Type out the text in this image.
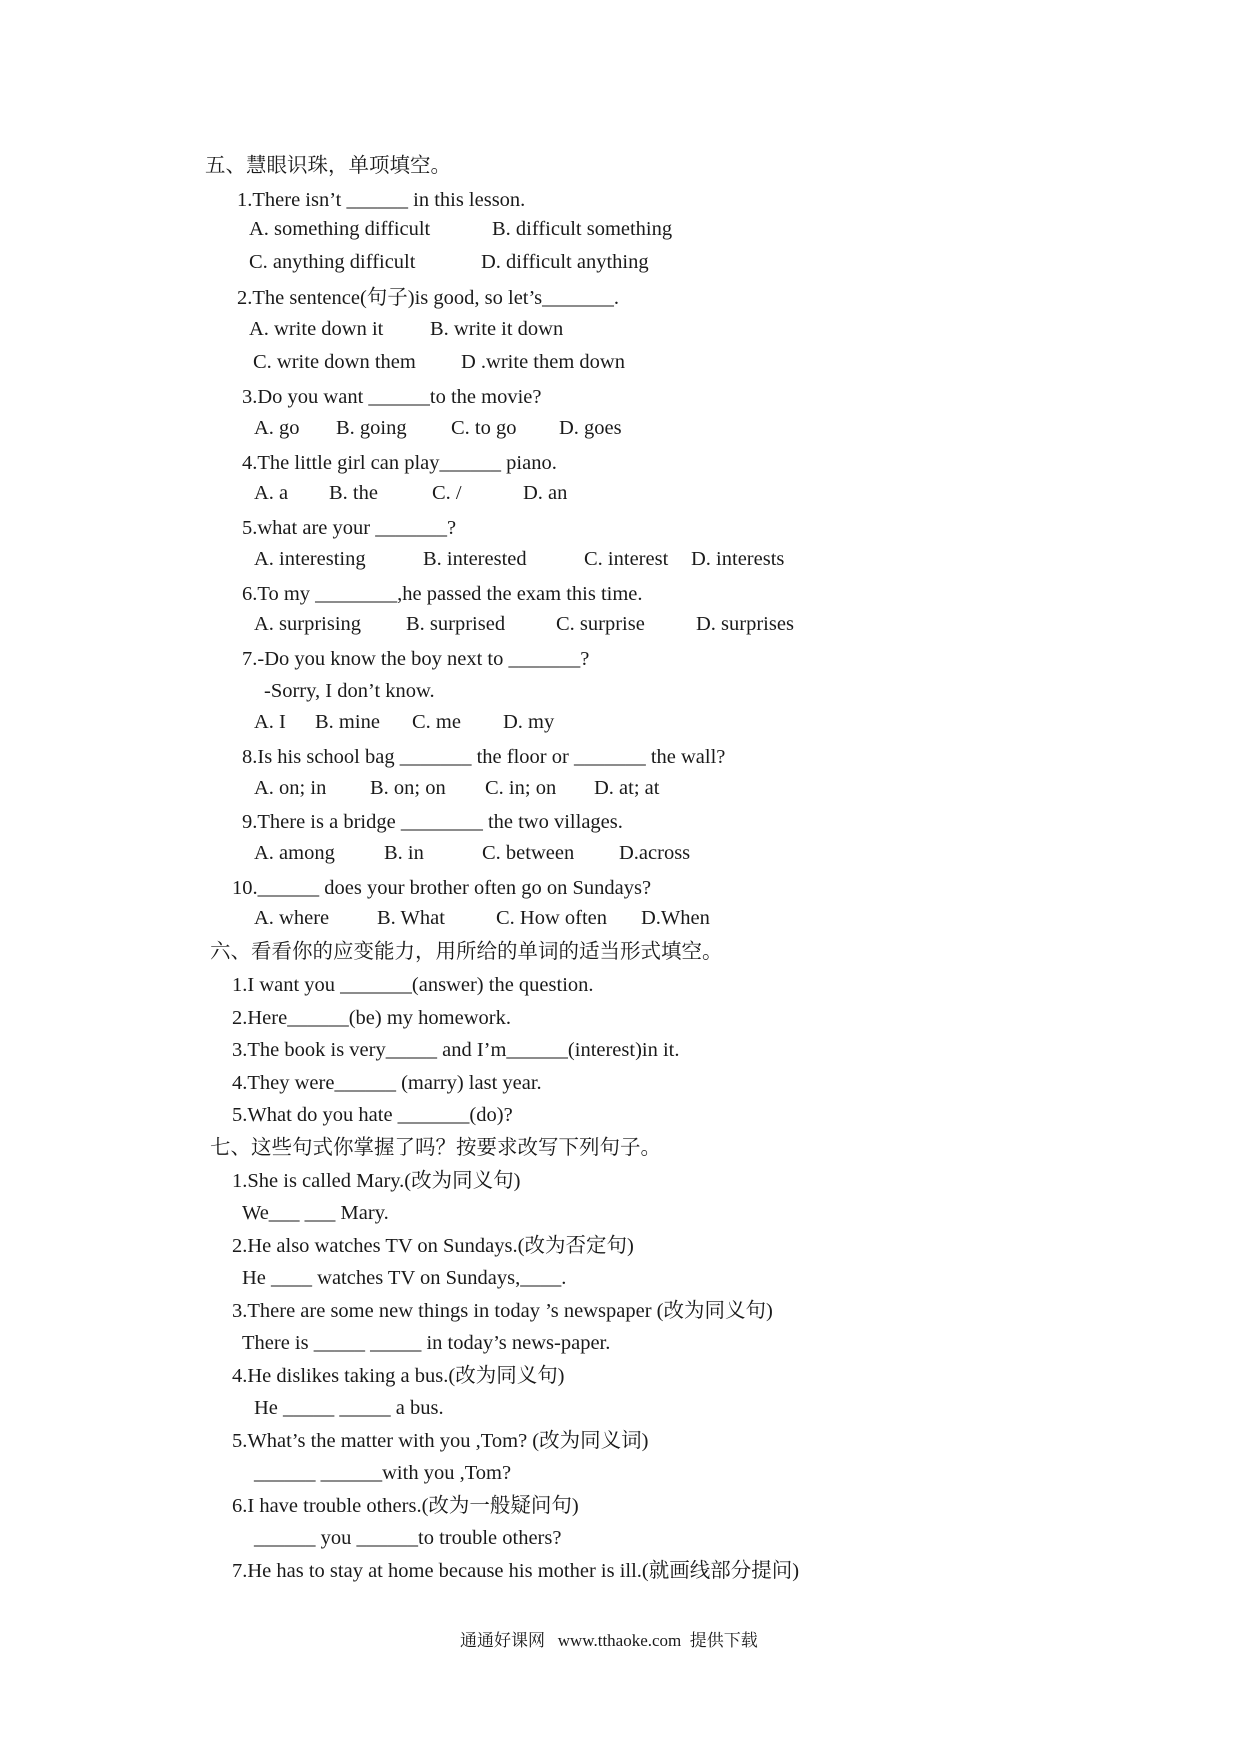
五、慧眼识珠，单项填空。
1.There isn’t ______ in this lesson.
A. something difficult	B. difficult something
C. anything difficult	D. difficult anything
2.The sentence(句子)is good, so let’s_______.
A. write down it B. write it down
C. write down them D .write them down
3.Do you want ______to the movie?
A. go B. going C. to go D. goes
4.The little girl can play______ piano.
A. a B. the	C. /	D. an
5.what are your _______?
A. interesting	B. interested	C. interest D. interests
6.To my ________,he passed the exam this time.
A. surprising B. surprised C. surprise D. surprises
7.-Do you know the boy next to _______?
-Sorry, I don’t know.
A. I B. mine C. me D. my
8.Is his school bag _______ the floor or _______ the wall?
A. on; in B. on; on C. in; on D. at; at
9.There is a bridge ________ the two villages.
A. among B. in	C. between D.across
10.______ does your brother often go on Sundays?
A. where B. What C. How often D.When
六、看看你的应变能力，用所给的单词的适当形式填空。
1.I want you _______(answer) the question.
2.Here______(be) my homework.
3.The book is very_____ and I’m______(interest)in it.
4.They were______ (marry) last year.
5.What do you hate _______(do)?
七、这些句式你掌握了吗？按要求改写下列句子。
1.She is called Mary.(改为同义句)
We___ ___ Mary.
2.He also watches TV on Sundays.(改为否定句)
He ____ watches TV on Sundays,____.
3.There are some new things in today ’s newspaper (改为同义句)
There is _____ _____ in today’s news-paper.
4.He dislikes taking a bus.(改为同义句)
He _____ _____ a bus.
5.What’s the matter with you ,Tom? (改为同义词)
______ ______with you ,Tom?
6.I have trouble others.(改为一般疑问句)
______ you ______to trouble others?
7.He has to stay at home because his mother is ill.(就画线部分提问)
通通好课网   www.tthaoke.com  提供下载
